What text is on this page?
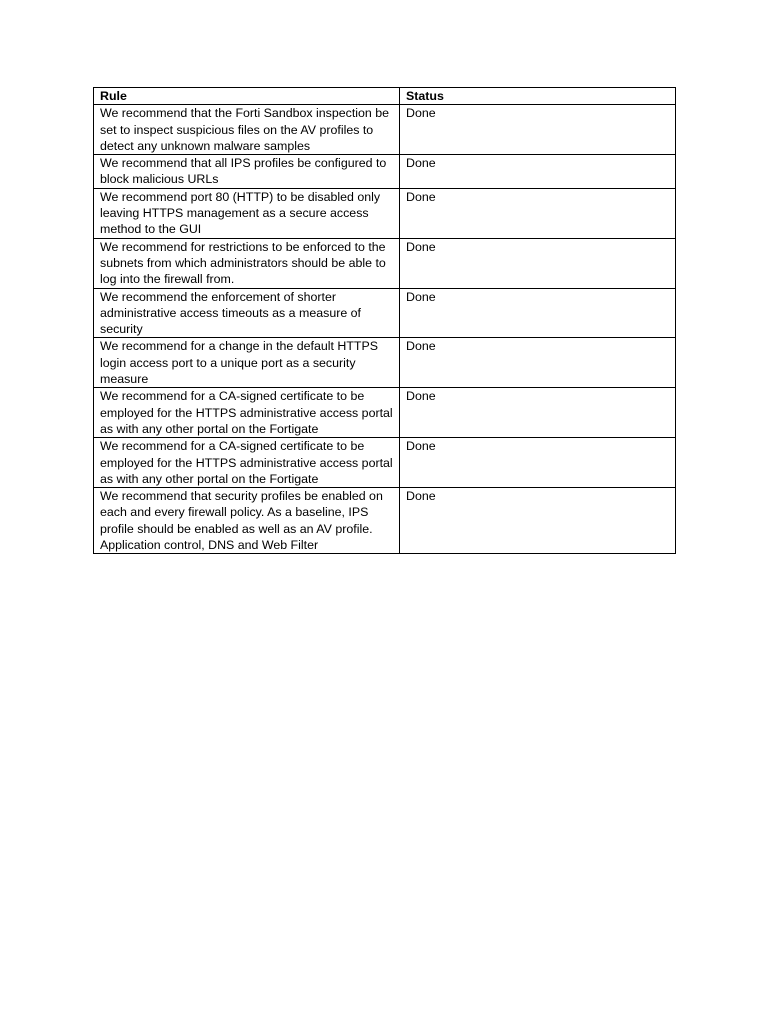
Rule	Status
We recommend that the Forti Sandbox inspection be set to inspect suspicious files on the AV profiles to detect any unknown malware samples	Done
We recommend that all IPS profiles be configured to block malicious URLs	Done
We recommend port 80 (HTTP) to be disabled only leaving HTTPS management as a secure access method to the GUI	Done
We recommend for restrictions to be enforced to the subnets from which administrators should be able to log into the firewall from.	Done
We recommend the enforcement of shorter administrative access timeouts as a measure of security	Done
We recommend for a change in the default HTTPS login access port to a unique port as a security measure	Done
We recommend for a CA-signed certificate to be employed for the HTTPS administrative access portal as with any other portal on the Fortigate	Done
We recommend for a CA-signed certificate to be employed for the HTTPS administrative access portal as with any other portal on the Fortigate	Done
We recommend that security profiles be enabled on each and every firewall policy. As a baseline, IPS profile should be enabled as well as an AV profile. Application control, DNS and Web Filter	Done
